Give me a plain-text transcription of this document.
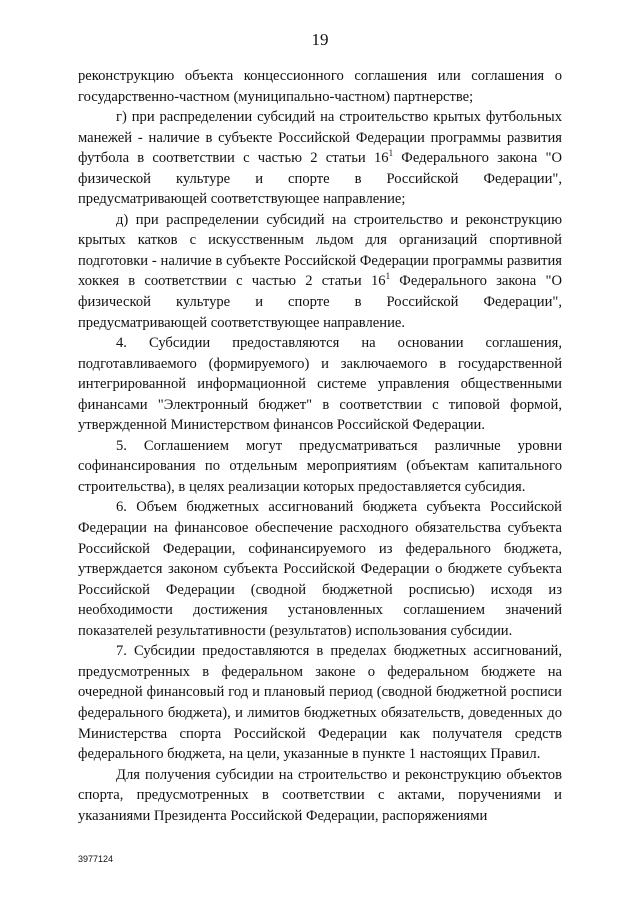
19

реконструкцию объекта концессионного соглашения или соглашения о государственно-частном (муниципально-частном) партнерстве;

г) при распределении субсидий на строительство крытых футбольных манежей - наличие в субъекте Российской Федерации программы развития футбола в соответствии с частью 2 статьи $16^1$ Федерального закона "О физической культуре и спорте в Российской Федерации", предусматривающей соответствующее направление;

д) при распределении субсидий на строительство и реконструкцию крытых катков с искусственным льдом для организаций спортивной подготовки - наличие в субъекте Российской Федерации программы развития хоккея в соответствии с частью 2 статьи $16^1$ Федерального закона "О физической культуре и спорте в Российской Федерации", предусматривающей соответствующее направление.

4. Субсидии предоставляются на основании соглашения, подготавливаемого (формируемого) и заключаемого в государственной интегрированной информационной системе управления общественными финансами "Электронный бюджет" в соответствии с типовой формой, утвержденной Министерством финансов Российской Федерации.

5. Соглашением могут предусматриваться различные уровни софинансирования по отдельным мероприятиям (объектам капитального строительства), в целях реализации которых предоставляется субсидия.

6. Объем бюджетных ассигнований бюджета субъекта Российской Федерации на финансовое обеспечение расходного обязательства субъекта Российской Федерации, софинансируемого из федерального бюджета, утверждается законом субъекта Российской Федерации о бюджете субъекта Российской Федерации (сводной бюджетной росписью) исходя из необходимости достижения установленных соглашением значений показателей результативности (результатов) использования субсидии.

7. Субсидии предоставляются в пределах бюджетных ассигнований, предусмотренных в федеральном законе о федеральном бюджете на очередной финансовый год и плановый период (сводной бюджетной росписи федерального бюджета), и лимитов бюджетных обязательств, доведенных до Министерства спорта Российской Федерации как получателя средств федерального бюджета, на цели, указанные в пункте 1 настоящих Правил.

Для получения субсидии на строительство и реконструкцию объектов спорта, предусмотренных в соответствии с актами, поручениями и указаниями Президента Российской Федерации, распоряжениями

3977124
